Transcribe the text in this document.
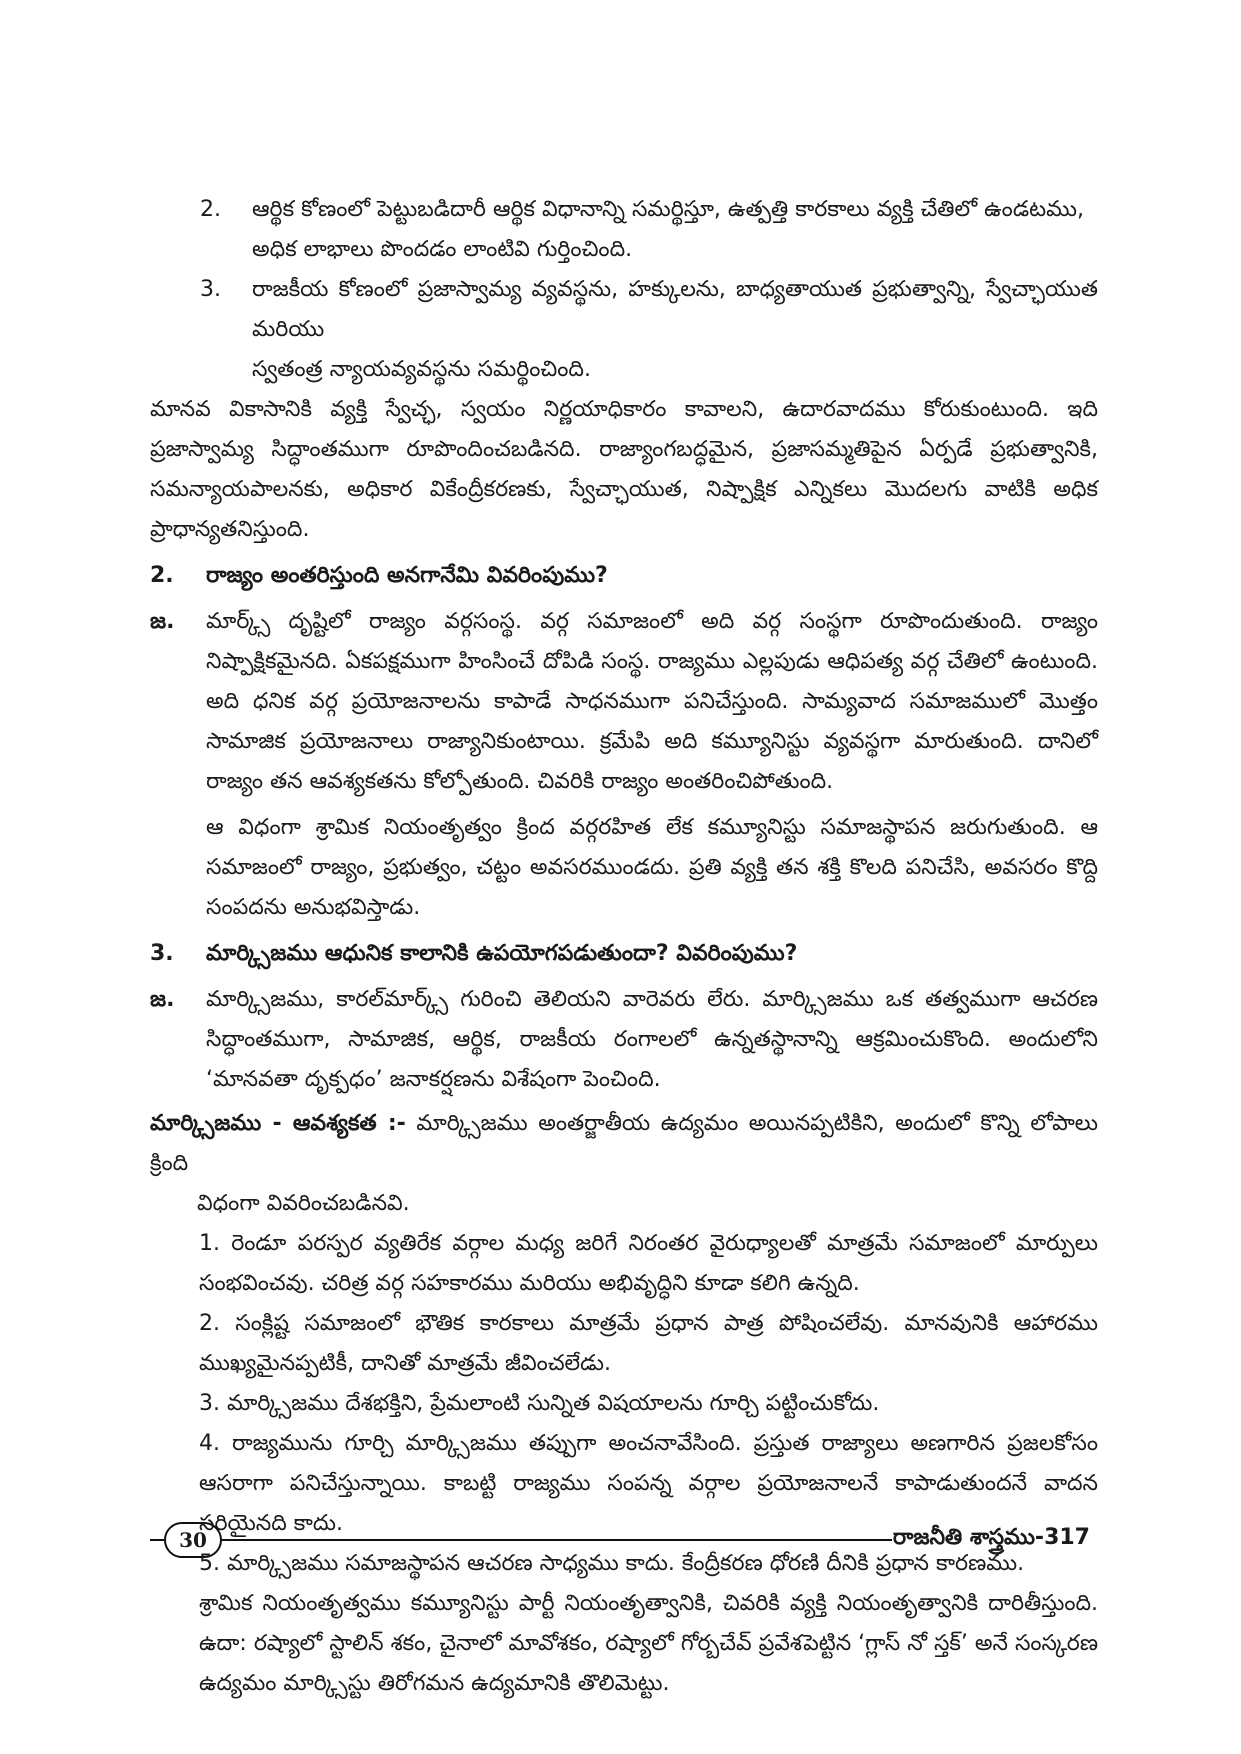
2.	ఆర్థిక కోణంలో పెట్టుబడిదారీ ఆర్థిక విధానాన్ని సమర్థిస్తూ, ఉత్పత్తి కారకాలు వ్యక్తి చేతిలో ఉండటము,
అధిక లాభాలు పొందడం లాంటివి గుర్తించింది.
3.	రాజకీయ కోణంలో ప్రజాస్వామ్య వ్యవస్థను, హక్కులను, బాధ్యతాయుత ప్రభుత్వాన్ని, స్వేచ్ఛాయుత మరియు
స్వతంత్ర న్యాయవ్యవస్థను సమర్థించింది.

మానవ వికాసానికి వ్యక్తి స్వేచ్ఛ, స్వయం నిర్ణయాధికారం కావాలని, ఉదారవాదము కోరుకుంటుంది. ఇది ప్రజాస్వామ్య సిద్ధాంతముగా రూపొందించబడినది. రాజ్యాంగబద్ధమైన, ప్రజాసమ్మతిపైన ఏర్పడే ప్రభుత్వానికి, సమన్యాయపాలనకు, అధికార వికేంద్రీకరణకు, స్వేచ్ఛాయుత, నిష్పాక్షిక ఎన్నికలు మొదలగు వాటికి అధిక ప్రాధాన్యతనిస్తుంది.

2.	రాజ్యం అంతరిస్తుంది అనగానేమి వివరింపుము?
జ.	మార్క్స్ దృష్టిలో రాజ్యం వర్గసంస్థ. వర్గ సమాజంలో అది వర్గ సంస్థగా రూపొందుతుంది. రాజ్యం నిష్పాక్షికమైనది. ఏకపక్షముగా హింసించే దోపిడి సంస్థ. రాజ్యము ఎల్లపుడు ఆధిపత్య వర్గ చేతిలో ఉంటుంది. అది ధనిక వర్గ ప్రయోజనాలను కాపాడే సాధనముగా పనిచేస్తుంది. సామ్యవాద సమాజములో మొత్తం సామాజిక ప్రయోజనాలు రాజ్యానికుంటాయి. క్రమేపి అది కమ్యూనిస్టు వ్యవస్థగా మారుతుంది. దానిలో రాజ్యం తన ఆవశ్యకతను కోల్పోతుంది. చివరికి రాజ్యం అంతరించిపోతుంది.
ఆ విధంగా శ్రామిక నియంతృత్వం క్రింద వర్గరహిత లేక కమ్యూనిస్టు సమాజస్థాపన జరుగుతుంది. ఆ సమాజంలో రాజ్యం, ప్రభుత్వం, చట్టం అవసరముండదు. ప్రతి వ్యక్తి తన శక్తి కొలది పనిచేసి, అవసరం కొద్ది సంపదను అనుభవిస్తాడు.
3.	మార్క్సిజము ఆధునిక కాలానికి ఉపయోగపడుతుందా? వివరింపుము?
జ.	మార్క్సిజము, కారల్‌మార్క్స్ గురించి తెలియని వారెవరు లేరు. మార్క్సిజము ఒక తత్వముగా ఆచరణ సిద్ధాంతముగా, సామాజిక, ఆర్థిక, రాజకీయ రంగాలలో ఉన్నతస్థానాన్ని ఆక్రమించుకొంది. అందులోని ‘మానవతా దృక్పధం’ జనాకర్షణను విశేషంగా పెంచింది.
మార్క్సిజము - ఆవశ్యకత :- మార్క్సిజము అంతర్జాతీయ ఉద్యమం అయినప్పటికిని, అందులో కొన్ని లోపాలు క్రింది
విధంగా వివరించబడినవి.
1. రెండూ పరస్పర వ్యతిరేక వర్గాల మధ్య జరిగే నిరంతర వైరుధ్యాలతో మాత్రమే సమాజంలో మార్పులు సంభవించవు. చరిత్ర వర్గ సహకారము మరియు అభివృద్ధిని కూడా కలిగి ఉన్నది.
2. సంక్లిష్ట సమాజంలో భౌతిక కారకాలు మాత్రమే ప్రధాన పాత్ర పోషించలేవు. మానవునికి ఆహారము ముఖ్యమైనప్పటికీ, దానితో మాత్రమే జీవించలేడు.
3. మార్క్సిజము దేశభక్తిని, ప్రేమలాంటి సున్నిత విషయాలను గూర్చి పట్టించుకోదు.
4. రాజ్యమును గూర్చి మార్క్సిజము తప్పుగా అంచనావేసింది. ప్రస్తుత రాజ్యాలు అణగారిన ప్రజలకోసం ఆసరాగా పనిచేస్తున్నాయి. కాబట్టి రాజ్యము సంపన్న వర్గాల ప్రయోజనాలనే కాపాడుతుందనే వాదన సరియైనది కాదు.
5. మార్క్సిజము సమాజస్థాపన ఆచరణ సాధ్యము కాదు. కేంద్రీకరణ ధోరణి దీనికి ప్రధాన కారణము.
శ్రామిక నియంతృత్వము కమ్యూనిస్టు పార్టీ నియంతృత్వానికి, చివరికి వ్యక్తి నియంతృత్వానికి దారితీస్తుంది. ఉదా: రష్యాలో స్టాలిన్ శకం, చైనాలో మావోశకం, రష్యాలో గోర్బచేవ్ ప్రవేశపెట్టిన ‘గ్లాస్ నో స్తక్’ అనే సంస్కరణ ఉద్యమం మార్క్సిస్టు తిరోగమన ఉద్యమానికి తొలిమెట్టు.
30	రాజనీతి శాస్త్రము-317
